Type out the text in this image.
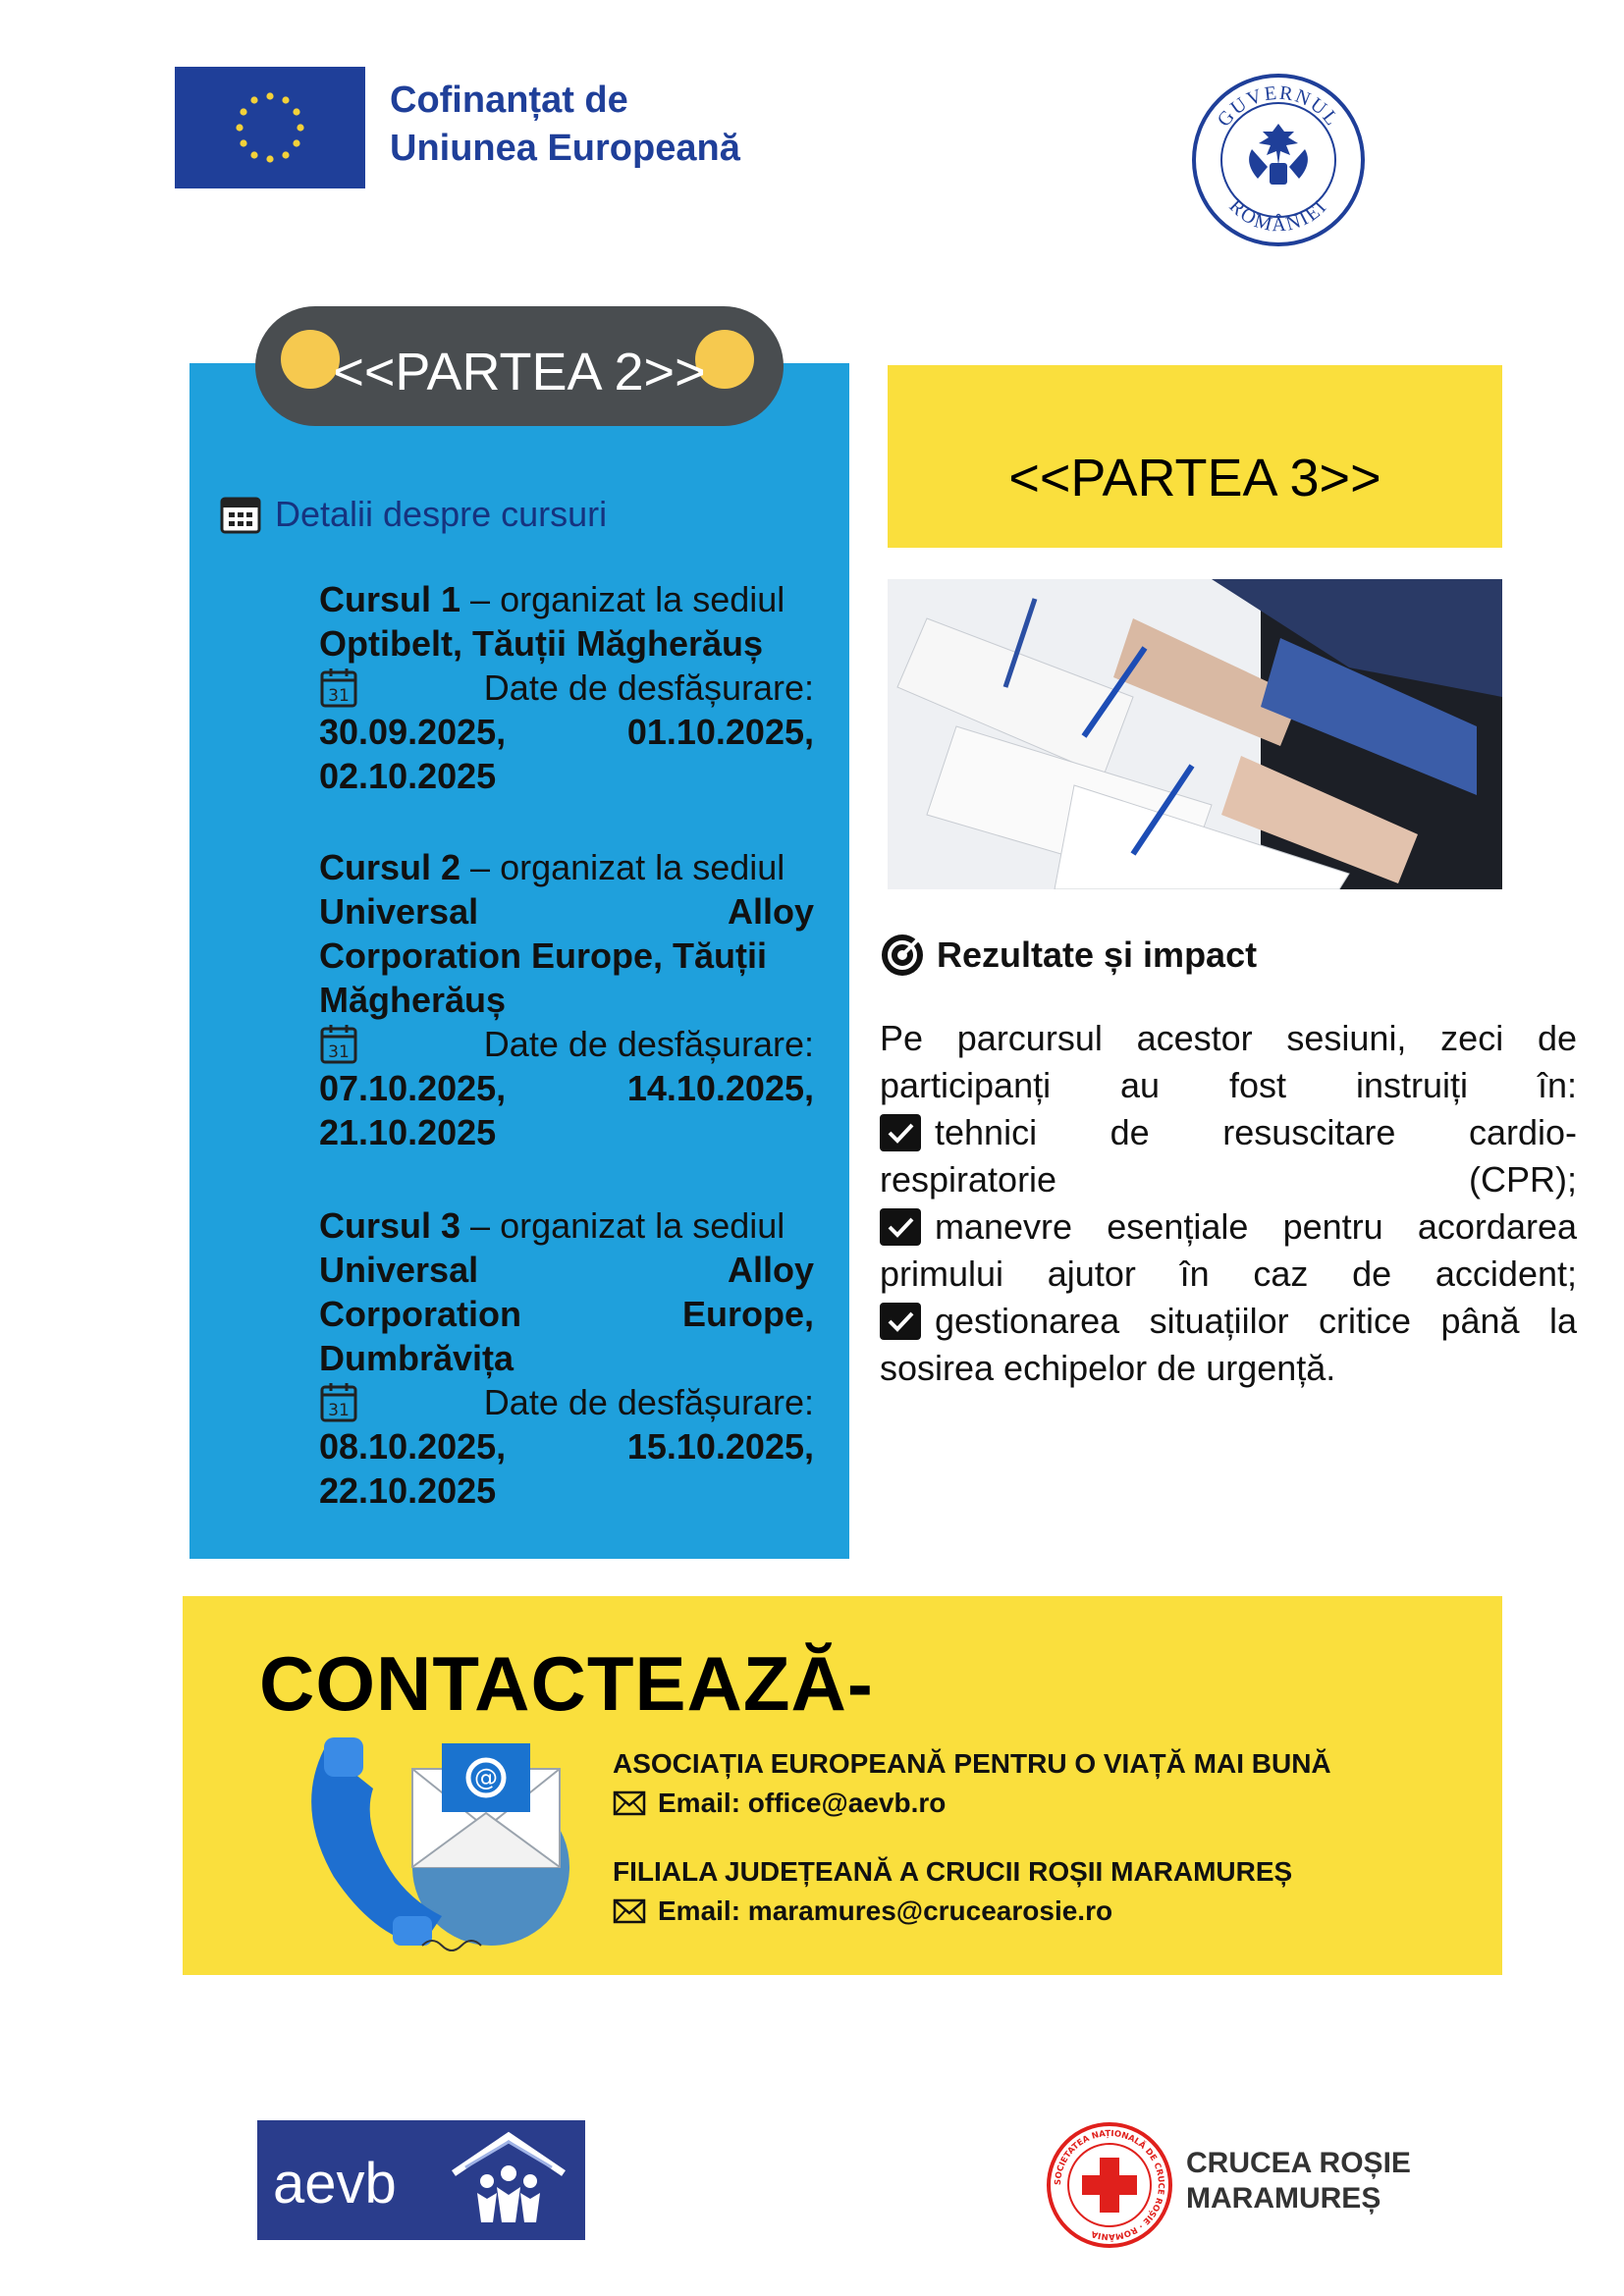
Cofinanțat de
Uniunea Europeană
GUVERNUL
ROMÂNIEI
<<PARTEA 2>>
Detalii despre cursuri
Cursul 1 – organizat la sediul
Optibelt, Tăuții Măgherăuș
31	Date de desfășurare:
30.09.2025,	01.10.2025,
02.10.2025
Cursul 2 – organizat la sediul
Universal	Alloy
Corporation Europe, Tăuții
Măgherăuș
31	Date de desfășurare:
07.10.2025,	14.10.2025,
21.10.2025
Cursul 3 – organizat la sediul
Universal	Alloy
Corporation	Europe,
Dumbrăvița
31	Date de desfășurare:
08.10.2025,	15.10.2025,
22.10.2025
<<PARTEA 3>>
Rezultate și impact
Pe parcursul acestor sesiuni, zeci de
participanți au fost instruiți în:
tehnici de resuscitare cardio-
respiratorie (CPR);
manevre esențiale pentru acordarea
primului ajutor în caz de accident;
gestionarea situațiilor critice până la
sosirea echipelor de urgență.
CONTACTEAZĂ-
@	ASOCIAȚIA EUROPEANĂ PENTRU O VIAȚĂ MAI BUNĂ
Email: office@aevb.ro
FILIALA JUDEȚEANĂ A CRUCII ROȘII MARAMUREȘ
Email: maramures@crucearosie.ro
aevb	SOCIETATEA NAȚIONALĂ DE CRUCE ROȘIE · ROMÂNIA
CRUCEA ROȘIE
MARAMUREȘ
